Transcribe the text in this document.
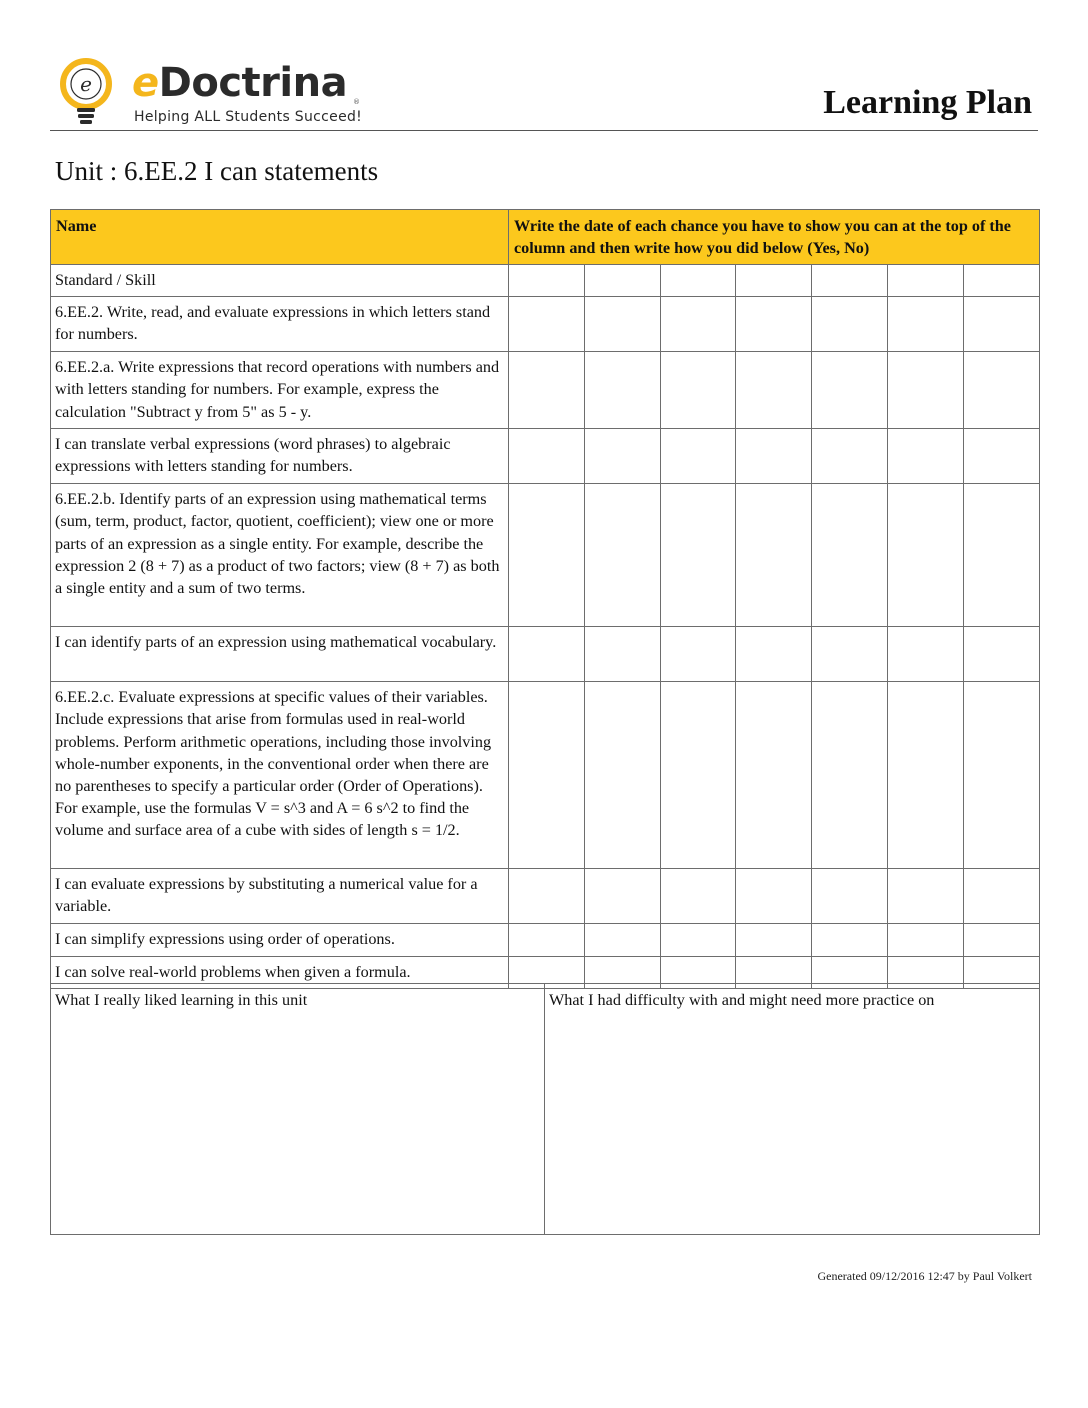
e eDoctrina ®
Helping ALL Students Succeed!	Learning Plan
Unit : 6.EE.2 I can statements
Name	Write the date of each chance you have to show you can at the top of the column and then write how you did below (Yes, No)						
Standard / Skill							
6.EE.2. Write, read, and evaluate expressions in which letters stand for numbers.							
6.EE.2.a. Write expressions that record operations with numbers and with letters standing for numbers. For example, express the calculation "Subtract y from 5" as 5 - y.							
I can translate verbal expressions (word phrases) to algebraic expressions with letters standing for numbers.							
6.EE.2.b. Identify parts of an expression using mathematical terms (sum, term, product, factor, quotient, coefficient); view one or more parts of an expression as a single entity. For example, describe the expression 2 (8 + 7) as a product of two factors; view (8 + 7) as both a single entity and a sum of two terms.							
I can identify parts of an expression using mathematical vocabulary.							
6.EE.2.c. Evaluate expressions at specific values of their variables. Include expressions that arise from formulas used in real-world problems. Perform arithmetic operations, including those involving whole-number exponents, in the conventional order when there are no parentheses to specify a particular order (Order of Operations). For example, use the formulas V = s^3 and A = 6 s^2 to find the volume and surface area of a cube with sides of length s = 1/2.							
I can evaluate expressions by substituting a numerical value for a variable.							
I can simplify expressions using order of operations.							
I can solve real-world problems when given a formula.							
What I really liked learning in this unit	What I had difficulty with and might need more practice on
Generated 09/12/2016 12:47 by Paul Volkert
